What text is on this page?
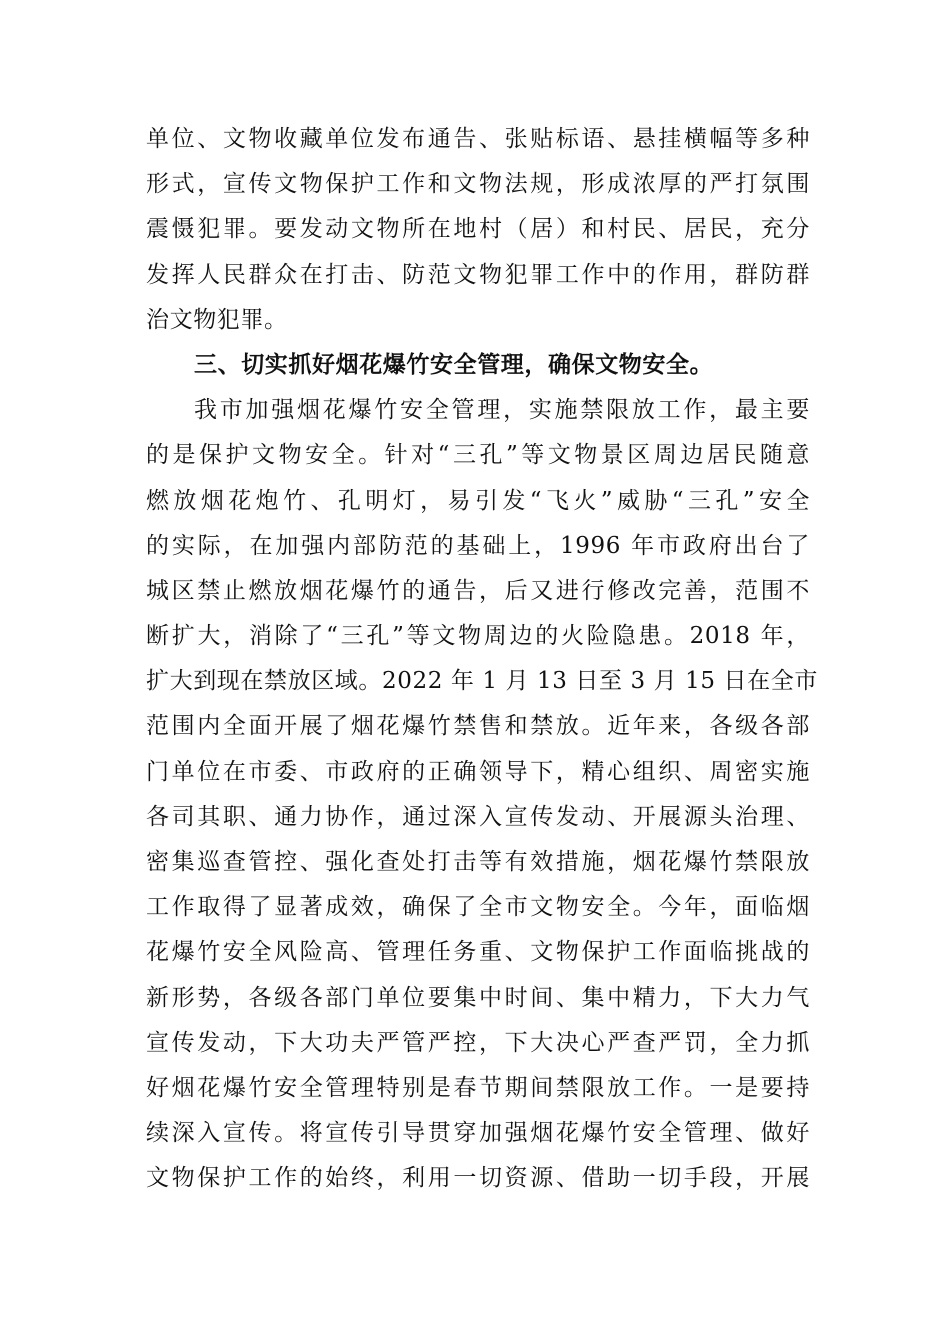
单位、文物收藏单位发布通告、张贴标语、悬挂横幅等多种
形式，宣传文物保护工作和文物法规，形成浓厚的严打氛围
震慑犯罪。要发动文物所在地村（居）和村民、居民，充分
发挥人民群众在打击、防范文物犯罪工作中的作用，群防群
治文物犯罪。
三、切实抓好烟花爆竹安全管理，确保文物安全。
我市加强烟花爆竹安全管理，实施禁限放工作，最主要
的是保护文物安全。针对“三孔”等文物景区周边居民随意
燃放烟花炮竹、孔明灯，易引发“飞火”威胁“三孔”安全
的实际，在加强内部防范的基础上，1996 年市政府出台了
城区禁止燃放烟花爆竹的通告，后又进行修改完善，范围不
断扩大，消除了“三孔”等文物周边的火险隐患。2018 年，
扩大到现在禁放区域。2022 年 1 月 13 日至 3 月 15 日在全市
范围内全面开展了烟花爆竹禁售和禁放。近年来，各级各部
门单位在市委、市政府的正确领导下，精心组织、周密实施
各司其职、通力协作，通过深入宣传发动、开展源头治理、
密集巡查管控、强化查处打击等有效措施，烟花爆竹禁限放
工作取得了显著成效，确保了全市文物安全。今年，面临烟
花爆竹安全风险高、管理任务重、文物保护工作面临挑战的
新形势，各级各部门单位要集中时间、集中精力，下大力气
宣传发动，下大功夫严管严控，下大决心严查严罚，全力抓
好烟花爆竹安全管理特别是春节期间禁限放工作。一是要持
续深入宣传。将宣传引导贯穿加强烟花爆竹安全管理、做好
文物保护工作的始终，利用一切资源、借助一切手段，开展
